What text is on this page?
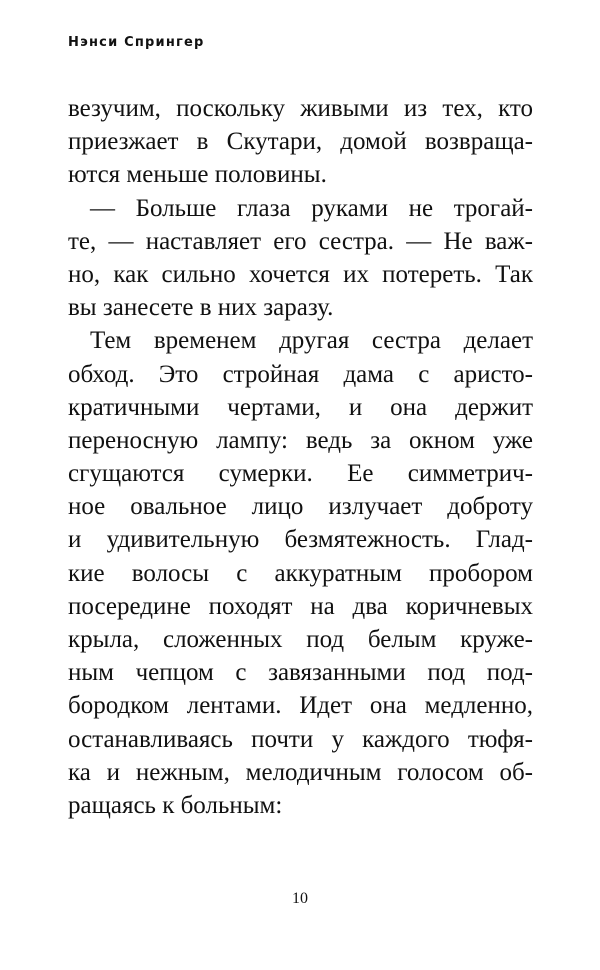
Нэнси Спрингер
везучим, поскольку живыми из тех, кто
приезжает в Скутари, домой возвраща-
ются меньше половины.
— Больше глаза руками не трогай-
те, — наставляет его сестра. — Не важ-
но, как сильно хочется их потереть. Так
вы занесете в них заразу.
Тем временем другая сестра делает
обход. Это стройная дама с аристо-
кратичными чертами, и она держит
переносную лампу: ведь за окном уже
сгущаются сумерки. Ее симметрич-
ное овальное лицо излучает доброту
и удивительную безмятежность. Глад-
кие волосы с аккуратным пробором
посередине походят на два коричневых
крыла, сложенных под белым круже-
ным чепцом с завязанными под под-
бородком лентами. Идет она медленно,
останавливаясь почти у каждого тюфя-
ка и нежным, мелодичным голосом об-
ращаясь к больным:
10
